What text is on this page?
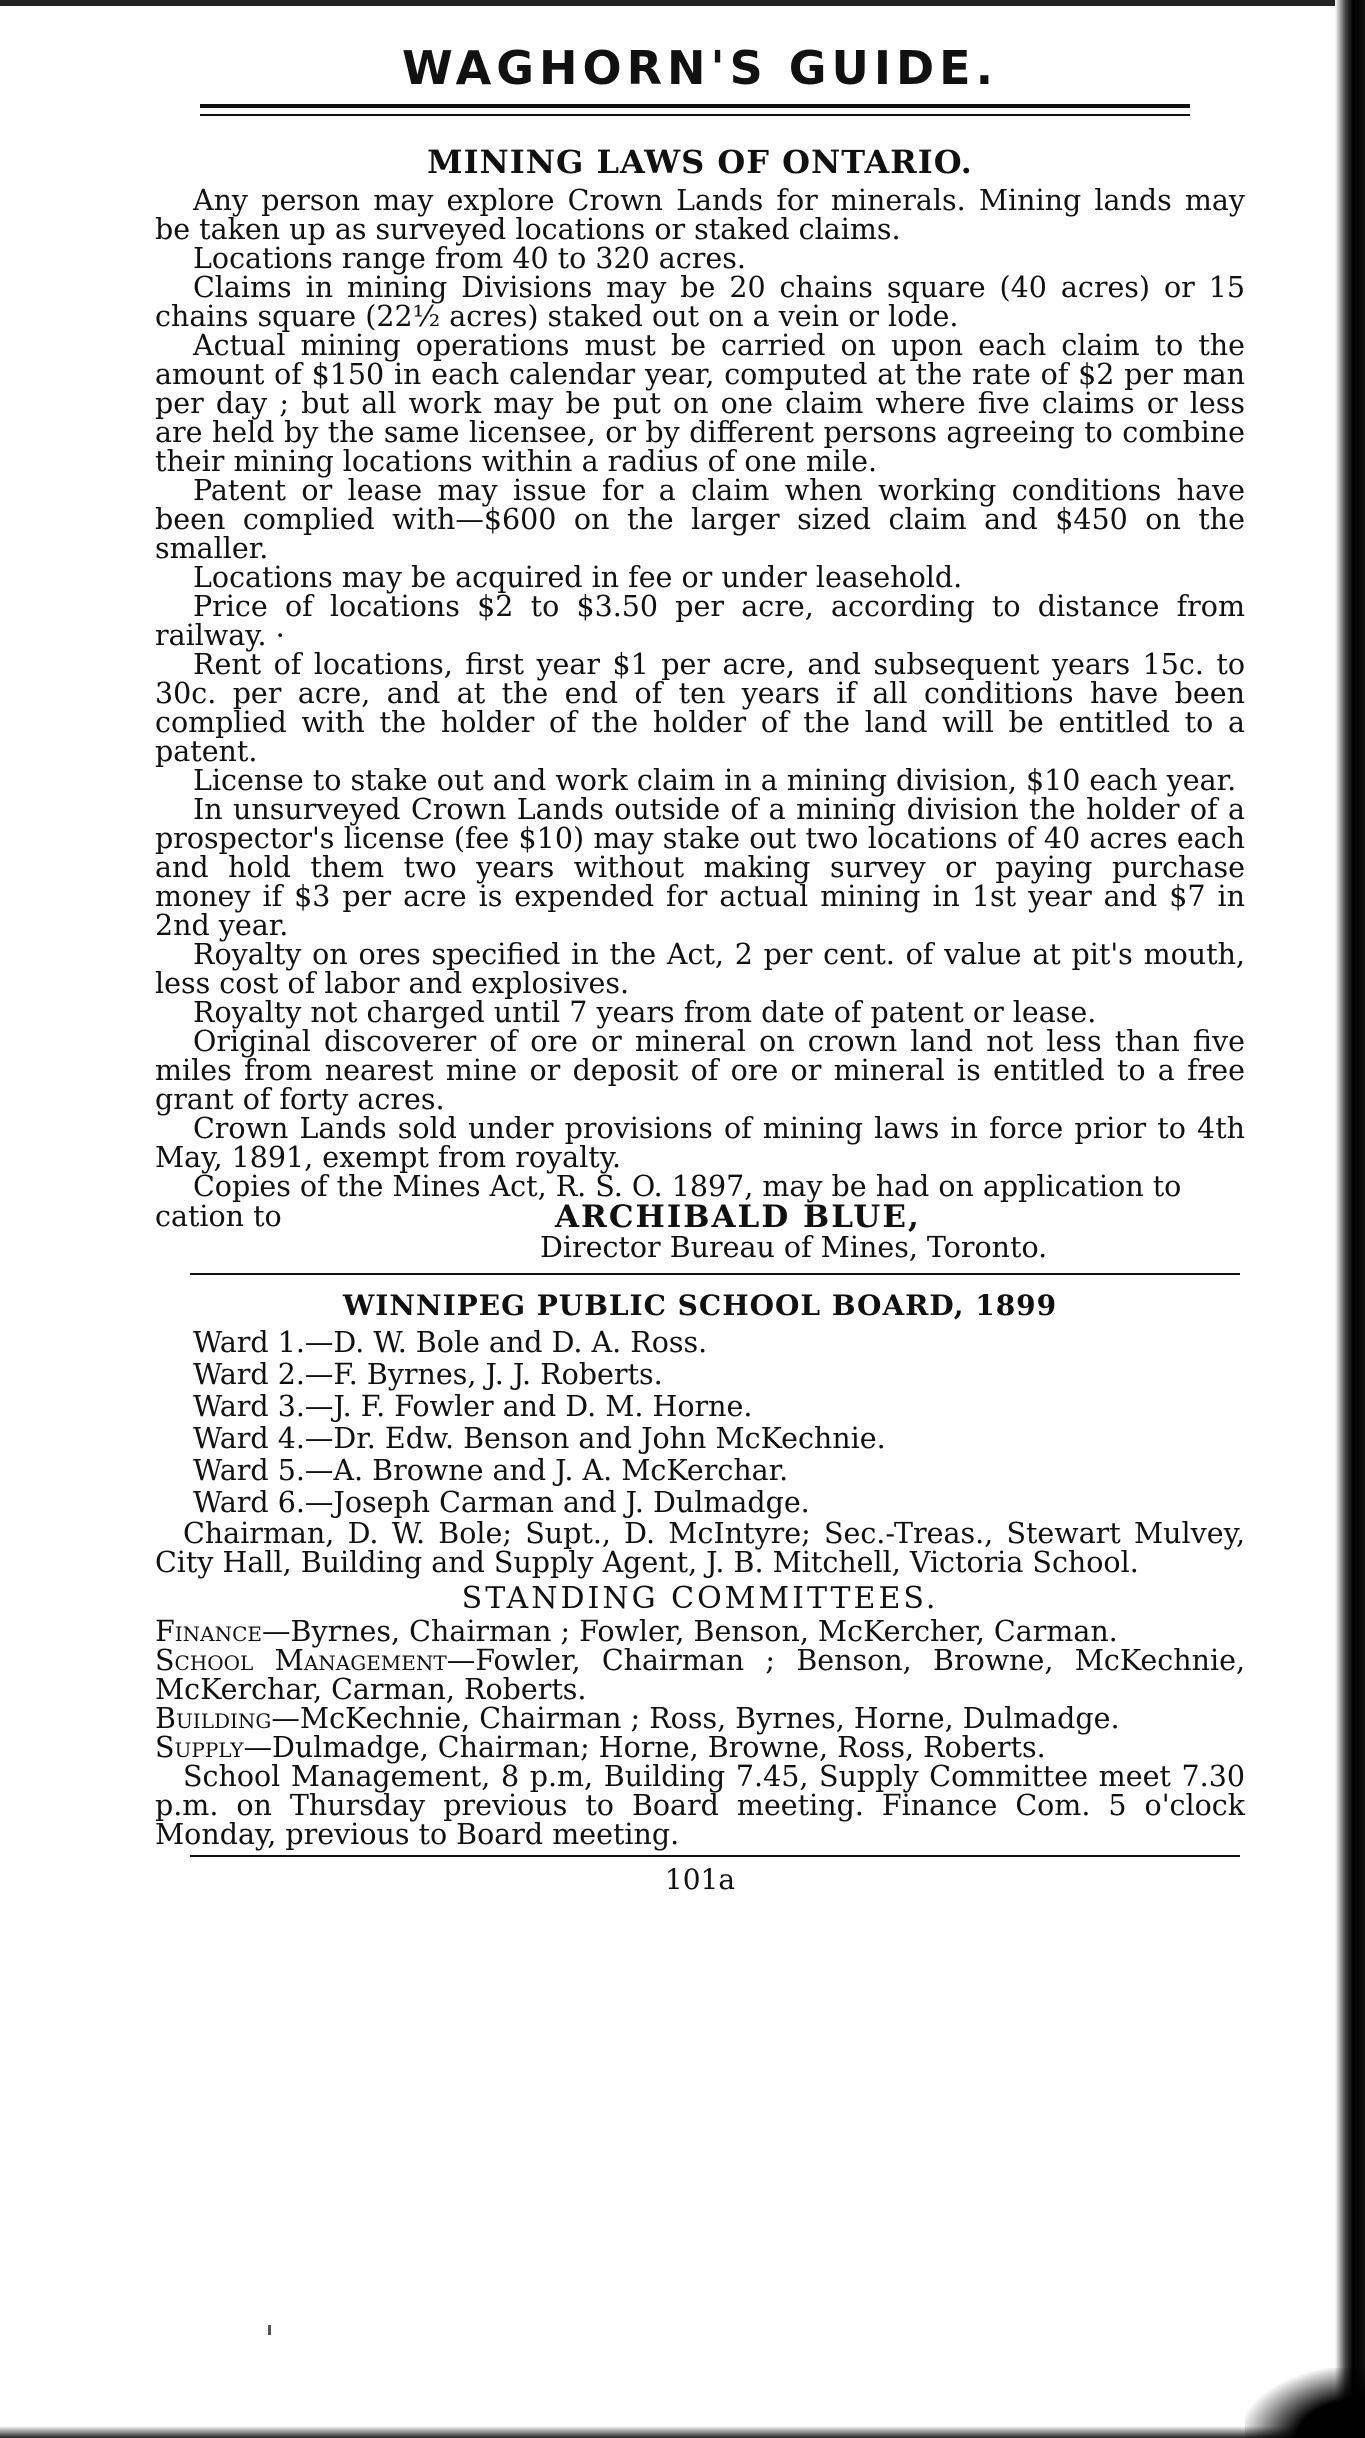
WAGHORN'S GUIDE.
MINING LAWS OF ONTARIO.

Any person may explore Crown Lands for minerals. Mining lands may be taken up as surveyed locations or staked claims.

Locations range from 40 to 320 acres.

Claims in mining Divisions may be 20 chains square (40 acres) or 15 chains square (22½ acres) staked out on a vein or lode.

Actual mining operations must be carried on upon each claim to the amount of $150 in each calendar year, computed at the rate of $2 per man per day ; but all work may be put on one claim where five claims or less are held by the same licensee, or by different persons agreeing to combine their mining locations within a radius of one mile.

Patent or lease may issue for a claim when working conditions have been complied with—$600 on the larger sized claim and $450 on the smaller.

Locations may be acquired in fee or under leasehold.

Price of locations $2 to $3.50 per acre, according to distance from railway. ·

Rent of locations, first year $1 per acre, and subsequent years 15c. to 30c. per acre, and at the end of ten years if all conditions have been complied with the holder of the holder of the land will be entitled to a patent.

License to stake out and work claim in a mining division, $10 each year.

In unsurveyed Crown Lands outside of a mining division the holder of a prospector's license (fee $10) may stake out two locations of 40 acres each and hold them two years without making survey or paying purchase money if $3 per acre is expended for actual mining in 1st year and $7 in 2nd year.

Royalty on ores specified in the Act, 2 per cent. of value at pit's mouth, less cost of labor and explosives.

Royalty not charged until 7 years from date of patent or lease.

Original discoverer of ore or mineral on crown land not less than five miles from nearest mine or deposit of ore or mineral is entitled to a free grant of forty acres.

Crown Lands sold under provisions of mining laws in force prior to 4th May, 1891, exempt from royalty.

Copies of the Mines Act, R. S. O. 1897, may be had on application to

cation to	ARCHIBALD BLUE,
Director Bureau of Mines, Toronto.
WINNIPEG PUBLIC SCHOOL BOARD, 1899
Ward 1.—D. W. Bole and D. A. Ross.
Ward 2.—F. Byrnes, J. J. Roberts.
Ward 3.—J. F. Fowler and D. M. Horne.
Ward 4.—Dr. Edw. Benson and John McKechnie.
Ward 5.—A. Browne and J. A. McKerchar.
Ward 6.—Joseph Carman and J. Dulmadge.

Chairman, D. W. Bole; Supt., D. McIntyre; Sec.-Treas., Stewart Mulvey, City Hall, Building and Supply Agent, J. B. Mitchell, Victoria School.

STANDING COMMITTEES.
Finance—Byrnes, Chairman ; Fowler, Benson, McKercher, Carman.
School Management—Fowler, Chairman ; Benson, Browne, McKechnie, McKerchar, Carman, Roberts.
Building—McKechnie, Chairman ; Ross, Byrnes, Horne, Dulmadge.
Supply—Dulmadge, Chairman; Horne, Browne, Ross, Roberts.

School Management, 8 p.m, Building 7.45, Supply Committee meet 7.30 p.m. on Thursday previous to Board meeting. Finance Com. 5 o'clock Monday, previous to Board meeting.

101a
